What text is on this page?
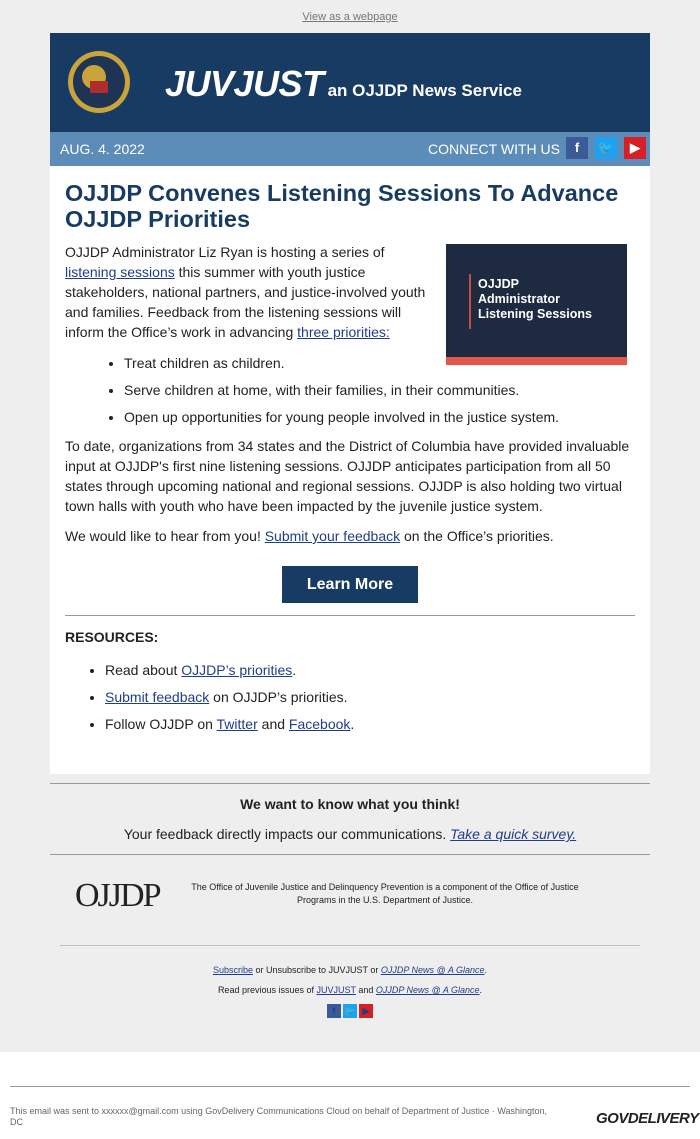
View as a webpage
JUVJUST an OJJDP News Service
AUG. 4. 2022	CONNECT WITH US	f	🐦	▶
OJJDP Convenes Listening Sessions To Advance OJJDP Priorities

OJJDP Administrator Liz Ryan is hosting a series of listening sessions this summer with youth justice stakeholders, national partners, and justice-involved youth and families. Feedback from the listening sessions will inform the Office’s work in advancing three priorities:

OJJDP
Administrator
Listening Sessions
• Treat children as children.
• Serve children at home, with their families, in their communities.
• Open up opportunities for young people involved in the justice system.

To date, organizations from 34 states and the District of Columbia have provided invaluable input at OJJDP's first nine listening sessions. OJJDP anticipates participation from all 50 states through upcoming national and regional sessions. OJJDP is also holding two virtual town halls with youth who have been impacted by the juvenile justice system.

We would like to hear from you! Submit your feedback on the Office’s priorities.

Learn More
RESOURCES:
• Read about OJJDP’s priorities.
• Submit feedback on OJJDP’s priorities.
• Follow OJJDP on Twitter and Facebook.
We want to know what you think!
Your feedback directly impacts our communications. Take a quick survey.
OJJDP	The Office of Juvenile Justice and Delinquency Prevention is a component of the Office of Justice Programs in the U.S. Department of Justice.
Subscribe or Unsubscribe to JUVJUST or OJJDP News @ A Glance.
Read previous issues of JUVJUST and OJJDP News @ A Glance.
f 🐦 ▶
This email was sent to xxxxxx@gmail.com using GovDelivery Communications Cloud on behalf of Department of Justice · Washington, DC	GOVDELIVERY
